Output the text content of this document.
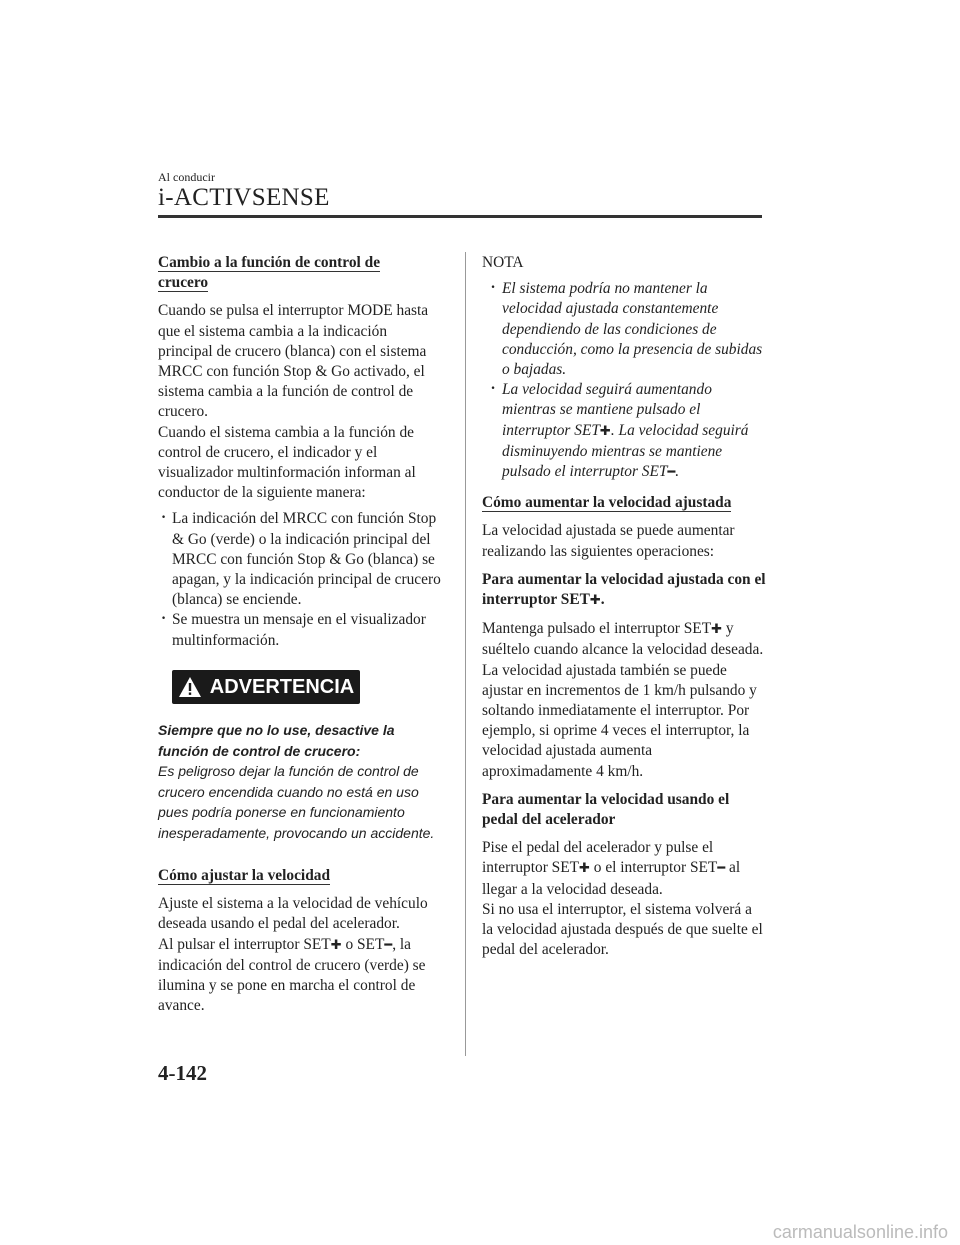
Al conducir
i-ACTIVSENSE
Cambio a la función de control de
crucero

Cuando se pulsa el interruptor MODE hasta que el sistema cambia a la indicación principal de crucero (blanca) con el sistema MRCC con función Stop & Go activado, el sistema cambia a la función de control de crucero.

Cuando el sistema cambia a la función de control de crucero, el indicador y el visualizador multinformación informan al conductor de la siguiente manera:

· La indicación del MRCC con función Stop & Go (verde) o la indicación principal del MRCC con función Stop & Go (blanca) se apagan, y la indicación principal de crucero (blanca) se enciende.
· Se muestra un mensaje en el visualizador multinformación.
ADVERTENCIA
Siempre que no lo use, desactive la función de control de crucero:
Es peligroso dejar la función de control de crucero encendida cuando no está en uso pues podría ponerse en funcionamiento inesperadamente, provocando un accidente.
Cómo ajustar la velocidad

Ajuste el sistema a la velocidad de vehículo deseada usando el pedal del acelerador.

Al pulsar el interruptor SET✚ o SET━, la indicación del control de crucero (verde) se ilumina y se pone en marcha el control de avance.

NOTA

· El sistema podría no mantener la velocidad ajustada constantemente dependiendo de las condiciones de conducción, como la presencia de subidas o bajadas.
· La velocidad seguirá aumentando mientras se mantiene pulsado el interruptor SET✚. La velocidad seguirá disminuyendo mientras se mantiene pulsado el interruptor SET━.
Cómo aumentar la velocidad ajustada

La velocidad ajustada se puede aumentar realizando las siguientes operaciones:

Para aumentar la velocidad ajustada con el interruptor SET✚.

Mantenga pulsado el interruptor SET✚ y suéltelo cuando alcance la velocidad deseada.

La velocidad ajustada también se puede ajustar en incrementos de 1 km/h pulsando y soltando inmediatamente el interruptor. Por ejemplo, si oprime 4 veces el interruptor, la velocidad ajustada aumenta aproximadamente 4 km/h.

Para aumentar la velocidad usando el pedal del acelerador

Pise el pedal del acelerador y pulse el interruptor SET✚ o el interruptor SET━ al llegar a la velocidad deseada.

Si no usa el interruptor, el sistema volverá a la velocidad ajustada después de que suelte el pedal del acelerador.

4-142
carmanualsonline.info
